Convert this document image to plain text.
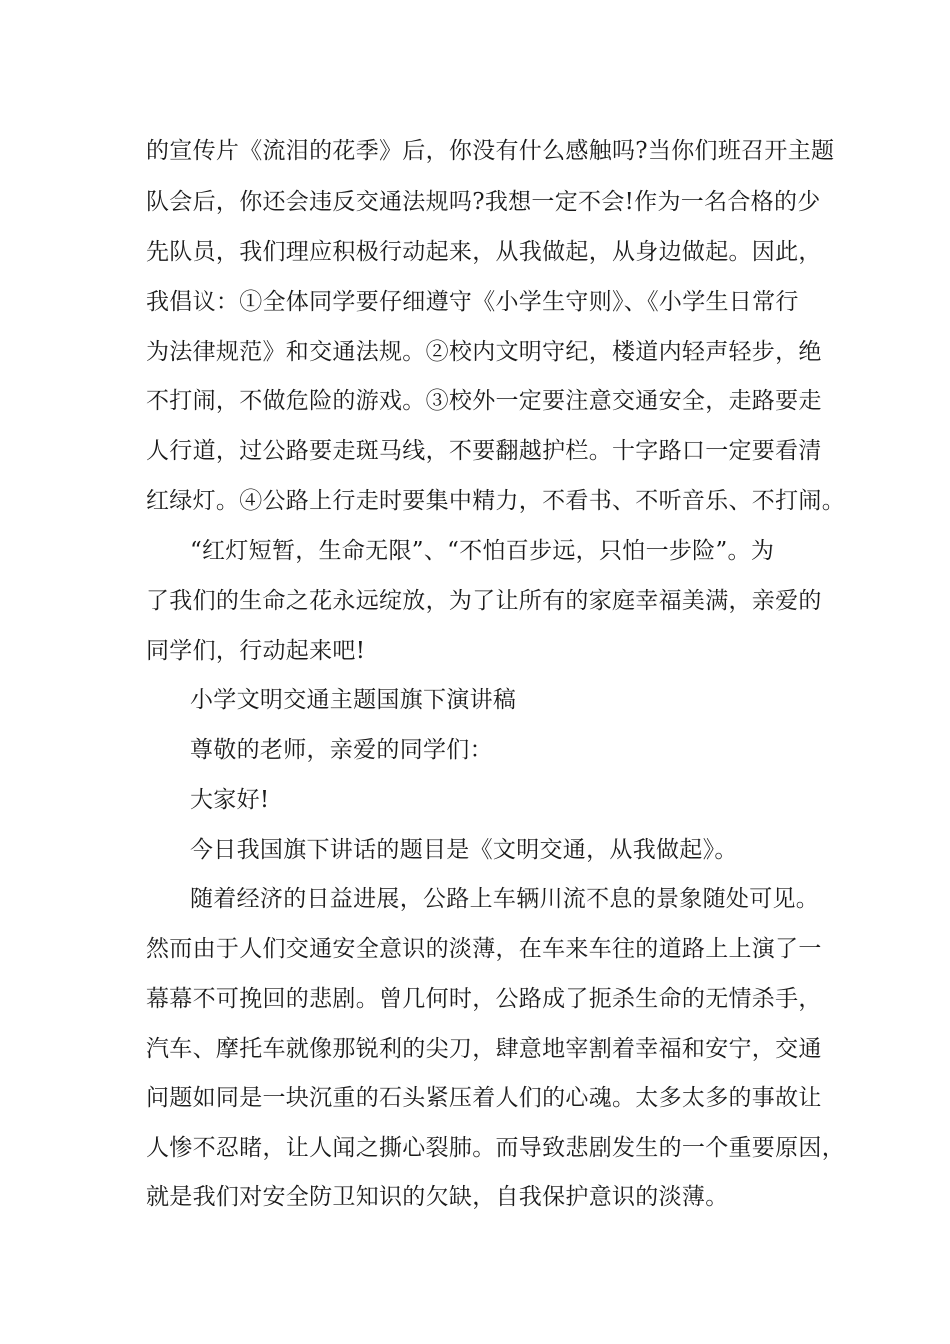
的宣传片《流泪的花季》后，你没有什么感触吗?当你们班召开主题

队会后，你还会违反交通法规吗?我想一定不会!作为一名合格的少

先队员，我们理应积极行动起来，从我做起，从身边做起。因此，

我倡议：①全体同学要仔细遵守《小学生守则》、《小学生日常行

为法律规范》和交通法规。②校内文明守纪，楼道内轻声轻步，绝

不打闹，不做危险的游戏。③校外一定要注意交通安全，走路要走

人行道，过公路要走斑马线，不要翻越护栏。十字路口一定要看清

红绿灯。④公路上行走时要集中精力，不看书、不听音乐、不打闹。

“红灯短暂，生命无限”、“不怕百步远，只怕一步险”。为

了我们的生命之花永远绽放，为了让所有的家庭幸福美满，亲爱的

同学们，行动起来吧!

小学文明交通主题国旗下演讲稿

尊敬的老师，亲爱的同学们：

大家好!

今日我国旗下讲话的题目是《文明交通，从我做起》。

随着经济的日益进展，公路上车辆川流不息的景象随处可见。

然而由于人们交通安全意识的淡薄，在车来车往的道路上上演了一

幕幕不可挽回的悲剧。曾几何时，公路成了扼杀生命的无情杀手，

汽车、摩托车就像那锐利的尖刀，肆意地宰割着幸福和安宁，交通

问题如同是一块沉重的石头紧压着人们的心魂。太多太多的事故让

人惨不忍睹，让人闻之撕心裂肺。而导致悲剧发生的一个重要原因，

就是我们对安全防卫知识的欠缺，自我保护意识的淡薄。
